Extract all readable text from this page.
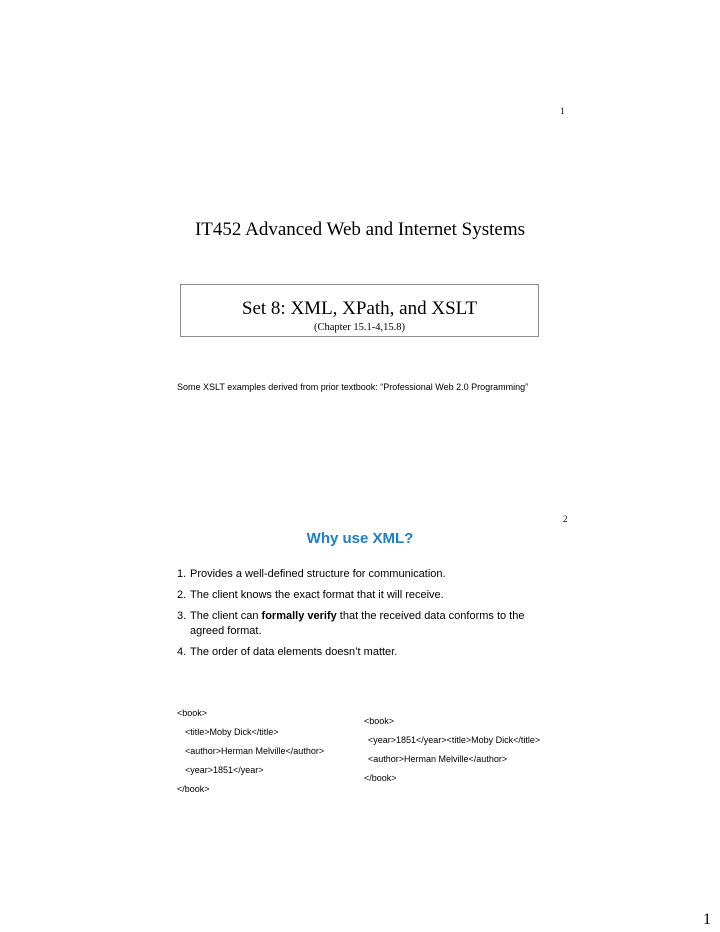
1
IT452 Advanced Web and Internet Systems
Set 8: XML, XPath, and XSLT
(Chapter 15.1-4,15.8)
Some XSLT examples derived from prior textbook: “Professional Web 2.0 Programming”
2
Why use XML?
1. Provides a well-defined structure for communication.
2. The client knows the exact format that it will receive.
3. The client can formally verify that the received data conforms to the agreed format.
4. The order of data elements doesn’t matter.
<book>
<title>Moby Dick</title>
<author>Herman Melville</author>
<year>1851</year>
</book>
<book>
<year>1851</year><title>Moby Dick</title>
<author>Herman Melville</author>
</book>
1
